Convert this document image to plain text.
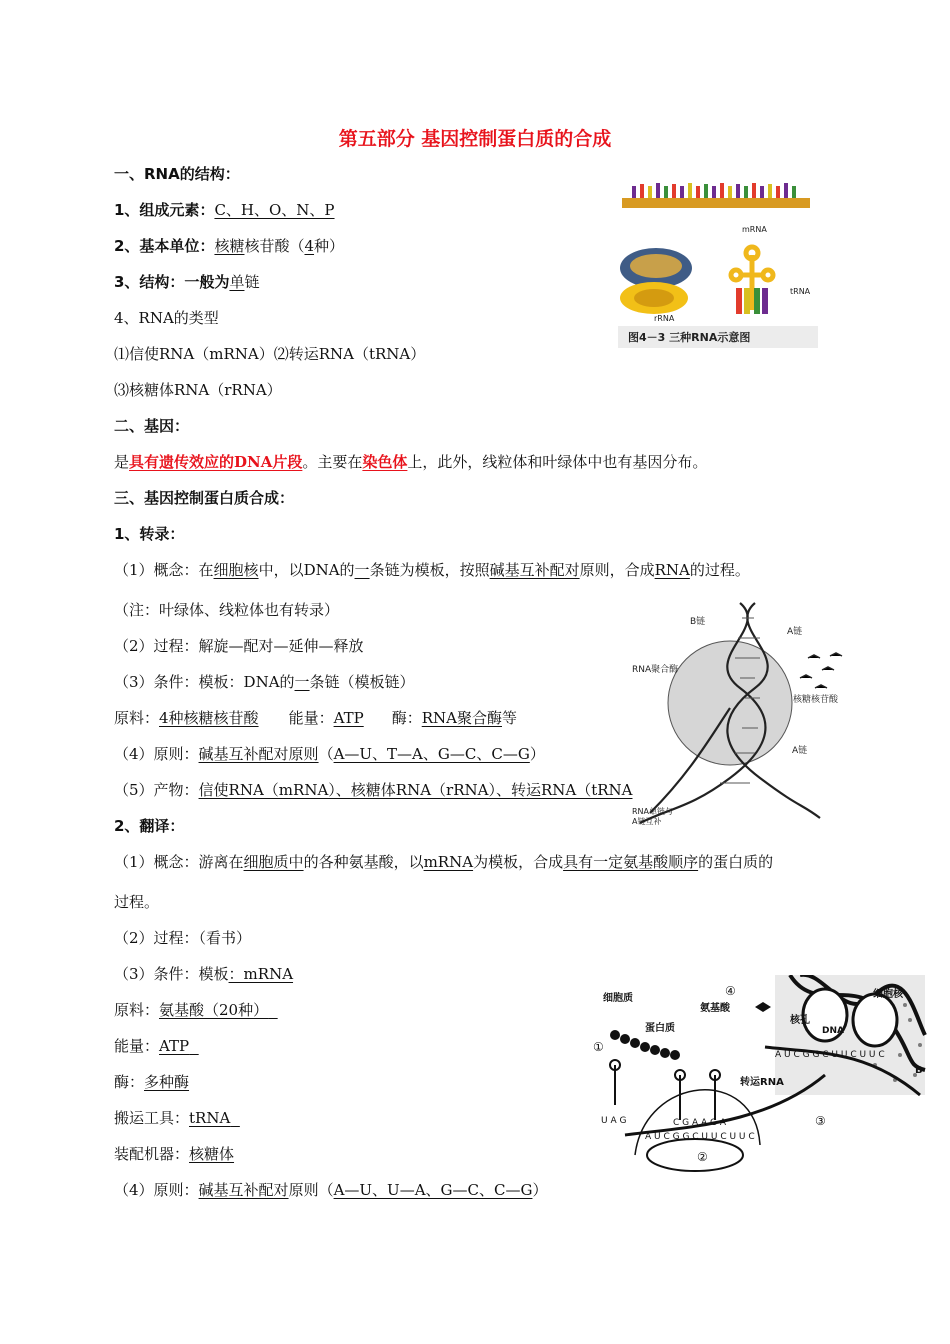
第五部分 基因控制蛋白质的合成
一、RNA的结构：
1、组成元素：C、H、O、N、P
2、基本单位：核糖核苷酸（4种）
3、结构：一般为单链
4、RNA的类型
⑴信使RNA（mRNA）⑵转运RNA（tRNA）
⑶核糖体RNA（rRNA）
mRNA
rRNA
tRNA
图4－3 三种RNA示意图
二、基因：
是具有遗传效应的DNA片段。主要在染色体上，此外，线粒体和叶绿体中也有基因分布。
三、基因控制蛋白质合成：
1、转录：
（1）概念：在细胞核中，以DNA的一条链为模板，按照碱基互补配对原则，合成RNA的过程。
（注：叶绿体、线粒体也有转录）
（2）过程：解旋—配对—延伸—释放
（3）条件：模板：DNA的一条链（模板链）
原料：4种核糖核苷酸 能量：ATP 酶：RNA聚合酶等
（4）原则：碱基互补配对原则（A—U、T—A、G—C、C—G）
（5）产物：信使RNA（mRNA）、核糖体RNA（rRNA）、转运RNA（tRNA
B链
A链
RNA聚合酶
核糖核苷酸
A链
RNA单链与
A链互补
2、翻译：
（1）概念：游离在细胞质中的各种氨基酸，以mRNA为模板，合成具有一定氨基酸顺序的蛋白质的
过程。
（2）过程：（看书）
（3）条件：模板：mRNA
原料：氨基酸（20种）
能量：ATP
酶：多种酶
搬运工具：tRNA
装配机器：核糖体
（4）原则：碱基互补配对原则（A—U、U—A、G—C、C—G）
细胞质
氨基酸
细胞核
核孔
DNA
蛋白质
转运RNA
①
②
③
④
B
U A G
A U C G G C U U C U U C
A U C G G C U U C U U C
C G A A G A
